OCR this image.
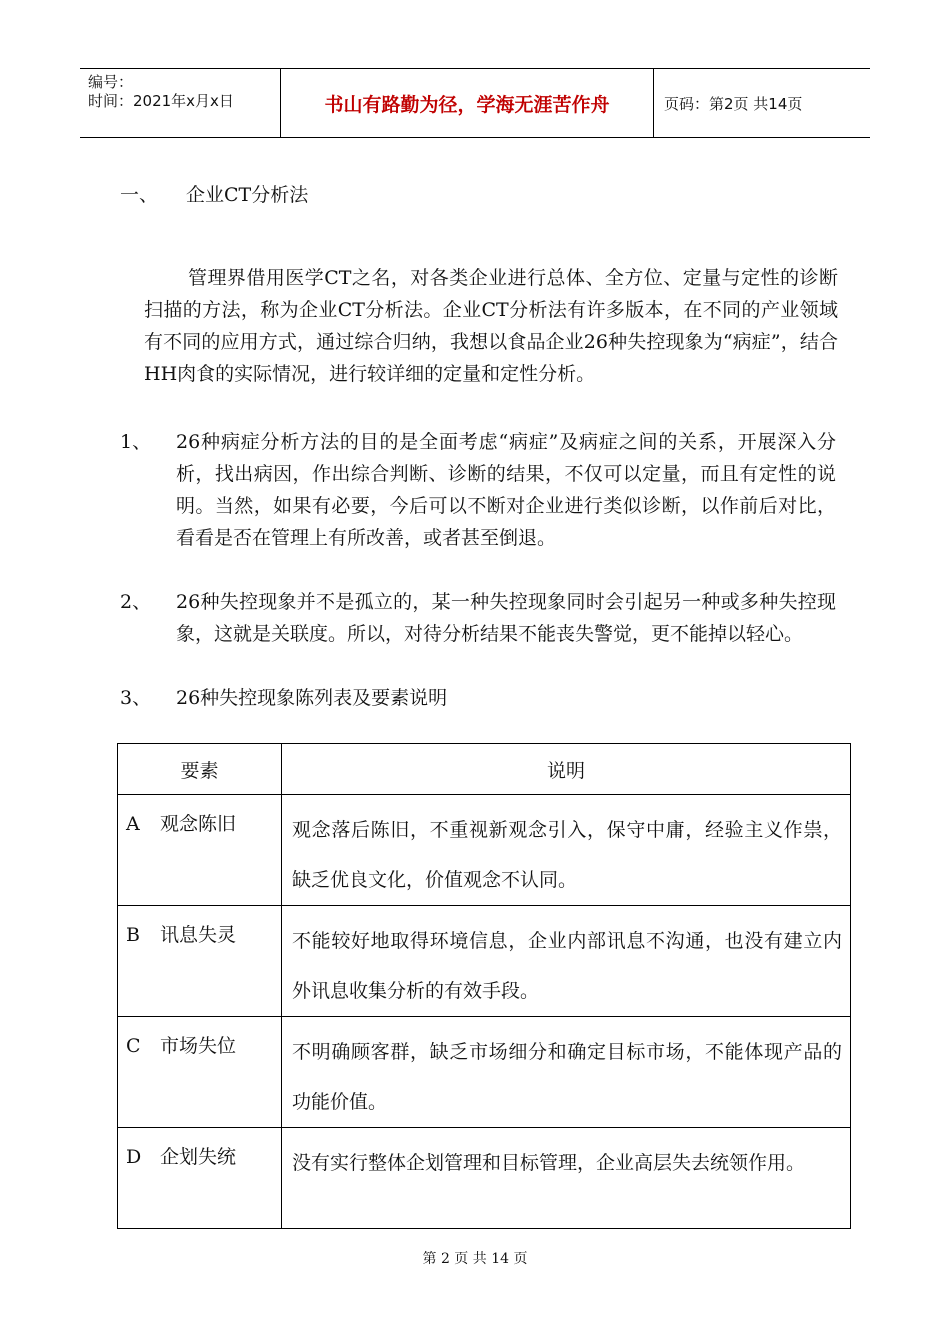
编号：
时间：2021年x月x日	书山有路勤为径，学海无涯苦作舟	页码：第2页 共14页
一、 企业CT分析法

管理界借用医学CT之名，对各类企业进行总体、全方位、定量与定性的诊断扫描的方法，称为企业CT分析法。企业CT分析法有许多版本，在不同的产业领域有不同的应用方式，通过综合归纳，我想以食品企业26种失控现象为“病症”，结合HH肉食的实际情况，进行较详细的定量和定性分析。

1、 26种病症分析方法的目的是全面考虑“病症”及病症之间的关系，开展深入分析，找出病因，作出综合判断、诊断的结果，不仅可以定量，而且有定性的说明。当然，如果有必要，今后可以不断对企业进行类似诊断，以作前后对比，看看是否在管理上有所改善，或者甚至倒退。

2、 26种失控现象并不是孤立的，某一种失控现象同时会引起另一种或多种失控现象，这就是关联度。所以，对待分析结果不能丧失警觉，更不能掉以轻心。

3、 26种失控现象陈列表及要素说明

要素	说明
A 观念陈旧	观念落后陈旧，不重视新观念引入，保守中庸，经验主义作祟，缺乏优良文化，价值观念不认同。
B 讯息失灵	不能较好地取得环境信息，企业内部讯息不沟通，也没有建立内外讯息收集分析的有效手段。
C 市场失位	不明确顾客群，缺乏市场细分和确定目标市场，不能体现产品的功能价值。
D 企划失统	没有实行整体企划管理和目标管理，企业高层失去统领作用。
第 2 页 共 14 页
